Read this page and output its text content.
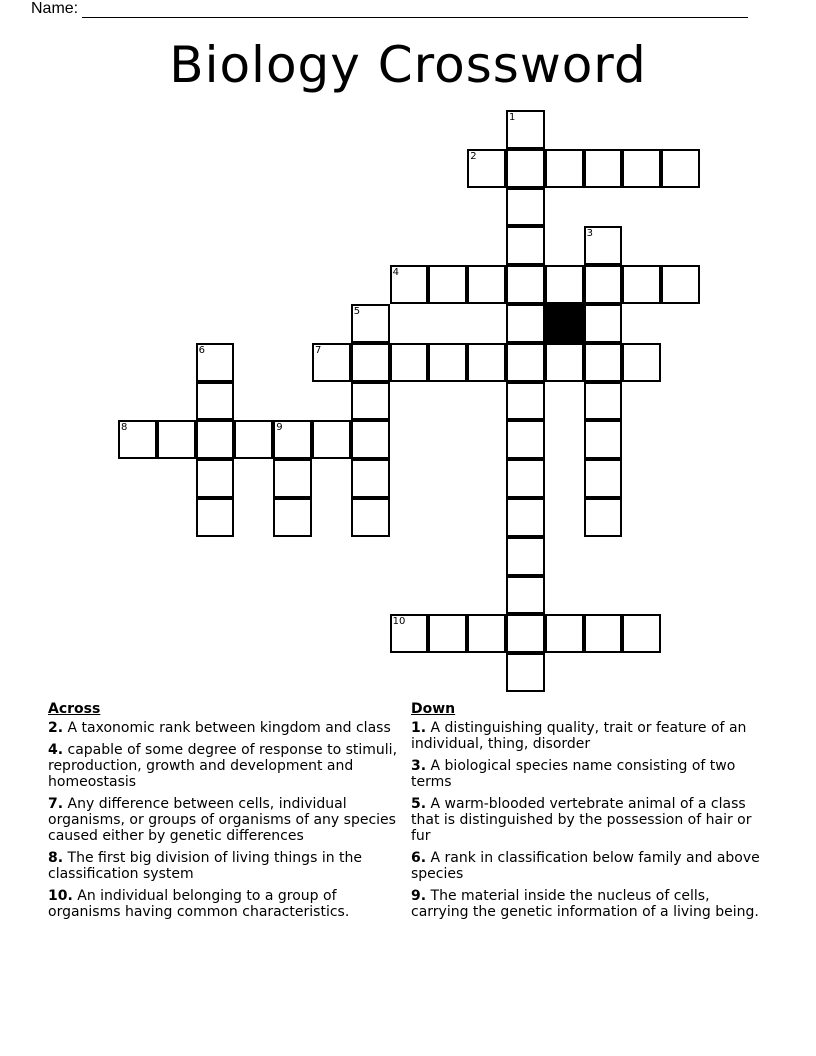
Name:
Biology Crossword
1
2
3
4
5
6	7
8	9
10
Across
2. A taxonomic rank between kingdom and class
4. capable of some degree of response to stimuli, reproduction, growth and development and homeostasis
7. Any difference between cells, individual organisms, or groups of organisms of any species caused either by genetic differences
8. The first big division of living things in the classification system
10. An individual belonging to a group of organisms having common characteristics.
Down
1. A distinguishing quality, trait or feature of an individual, thing, disorder
3. A biological species name consisting of two terms
5. A warm-blooded vertebrate animal of a class that is distinguished by the possession of hair or fur
6. A rank in classification below family and above species
9. The material inside the nucleus of cells, carrying the genetic information of a living being.
